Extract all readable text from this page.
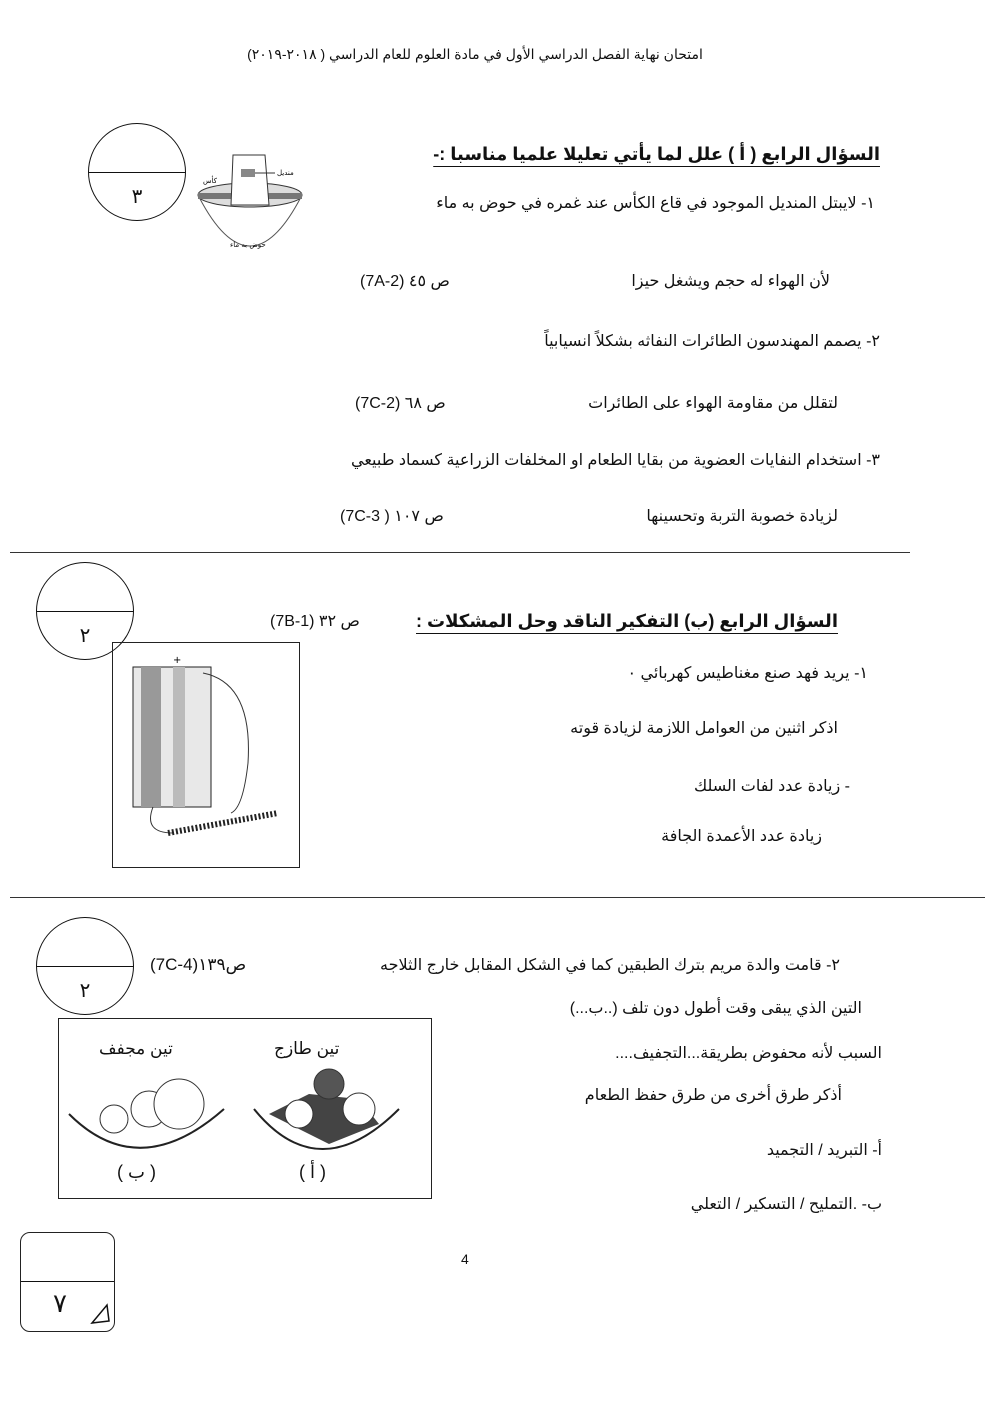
امتحان نهاية الفصل الدراسي الأول في مادة العلوم للعام الدراسي ( ٢٠١٨-٢٠١٩)
٣
منديل
كأس
حوض به ماء
السؤال الرابع ( أ ) علل لما يأتي تعليلا علميا مناسبا :-
١- لايبتل المنديل الموجود في قاع الكأس عند غمره في حوض به ماء
لأن الهواء له حجم ويشغل حيزا
ص ٤٥ (7A-2)
٢- يصمم المهندسون الطائرات النفاثه بشكلاً انسيابياً
لتقلل من مقاومة الهواء على الطائرات
ص ٦٨ (7C-2)
٣- استخدام النفايات العضوية من بقايا الطعام او المخلفات الزراعية كسماد طبيعي
لزيادة خصوبة التربة وتحسينها
ص ١٠٧ ( 7C-3)
٢
السؤال الرابع (ب) التفكير الناقد وحل المشكلات :
ص ٣٢ (7B-1)
+
١- يريد فهد صنع مغناطيس كهربائي ٠
اذكر اثنين من العوامل اللازمة لزيادة قوته
- زيادة عدد لفات السلك
زيادة عدد الأعمدة الجافة
٢
٢- قامت والدة مريم بترك الطبقين كما في الشكل المقابل خارج الثلاجه
ص١٣٩(7C-4)
التين الذي يبقى وقت أطول دون تلف (..ب...)
السبب لأنه محفوض بطريقة...التجفيف....
أذكر طرق أخرى من طرق حفظ الطعام
أ- التبريد / التجميد
ب- .التمليح / التسكير / التعلي
تين مجفف	تين طازج
( ب )	( أ )
4
٧
